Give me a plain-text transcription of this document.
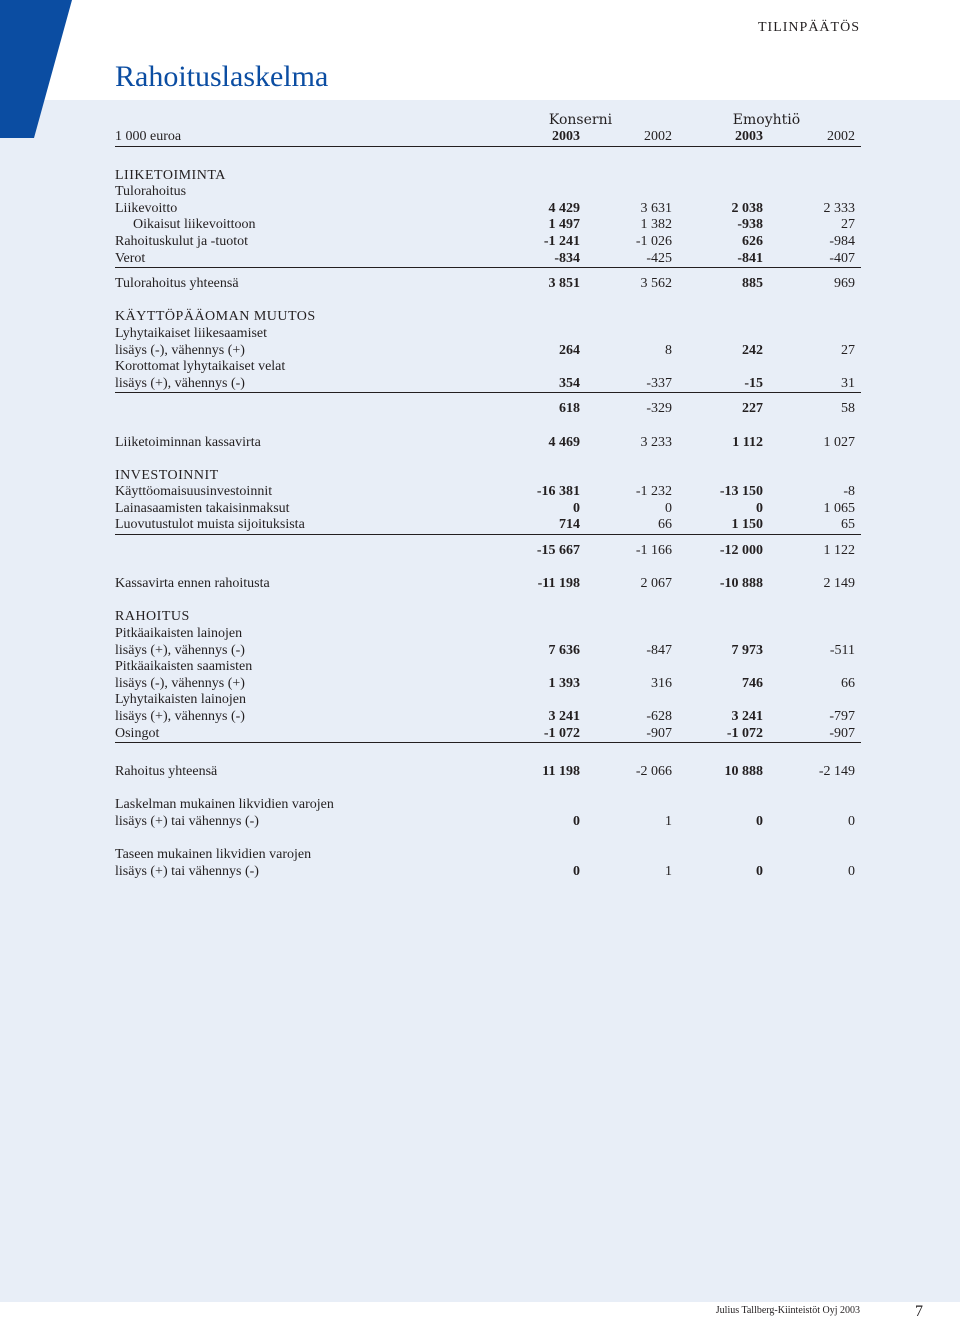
TILINPÄÄTÖS
Rahoituslaskelma
Konserni	Emoyhtiö
1 000 euroa	2003	2002	2003	2002
LIIKETOIMINTA
Tulorahoitus
Liikevoitto	4 429	3 631	2 038	2 333
Oikaisut liikevoittoon	1 497	1 382	-938	27
Rahoituskulut ja -tuotot	-1 241	-1 026	626	-984
Verot	-834	-425	-841	-407
Tulorahoitus yhteensä	3 851	3 562	885	969
KÄYTTÖPÄÄOMAN MUUTOS
Lyhytaikaiset liikesaamiset
lisäys (-), vähennys (+)	264	8	242	27
Korottomat lyhytaikaiset velat
lisäys (+), vähennys (-)	354	-337	-15	31
618	-329	227	58
Liiketoiminnan kassavirta	4 469	3 233	1 112	1 027
INVESTOINNIT
Käyttöomaisuusinvestoinnit	-16 381	-1 232	-13 150	-8
Lainasaamisten takaisinmaksut	0	0	0	1 065
Luovutustulot muista sijoituksista	714	66	1 150	65
-15 667	-1 166	-12 000	1 122
Kassavirta ennen rahoitusta	-11 198	2 067	-10 888	2 149
RAHOITUS
Pitkäaikaisten lainojen
lisäys (+), vähennys (-)	7 636	-847	7 973	-511
Pitkäaikaisten saamisten
lisäys (-), vähennys (+)	1 393	316	746	66
Lyhytaikaisten lainojen
lisäys (+), vähennys (-)	3 241	-628	3 241	-797
Osingot	-1 072	-907	-1 072	-907
Rahoitus yhteensä	11 198	-2 066	10 888	-2 149
Laskelman mukainen likvidien varojen
lisäys (+) tai vähennys (-)	0	1	0	0
Taseen mukainen likvidien varojen
lisäys (+) tai vähennys (-)	0	1	0	0
Julius Tallberg-Kiinteistöt Oyj 2003	7
